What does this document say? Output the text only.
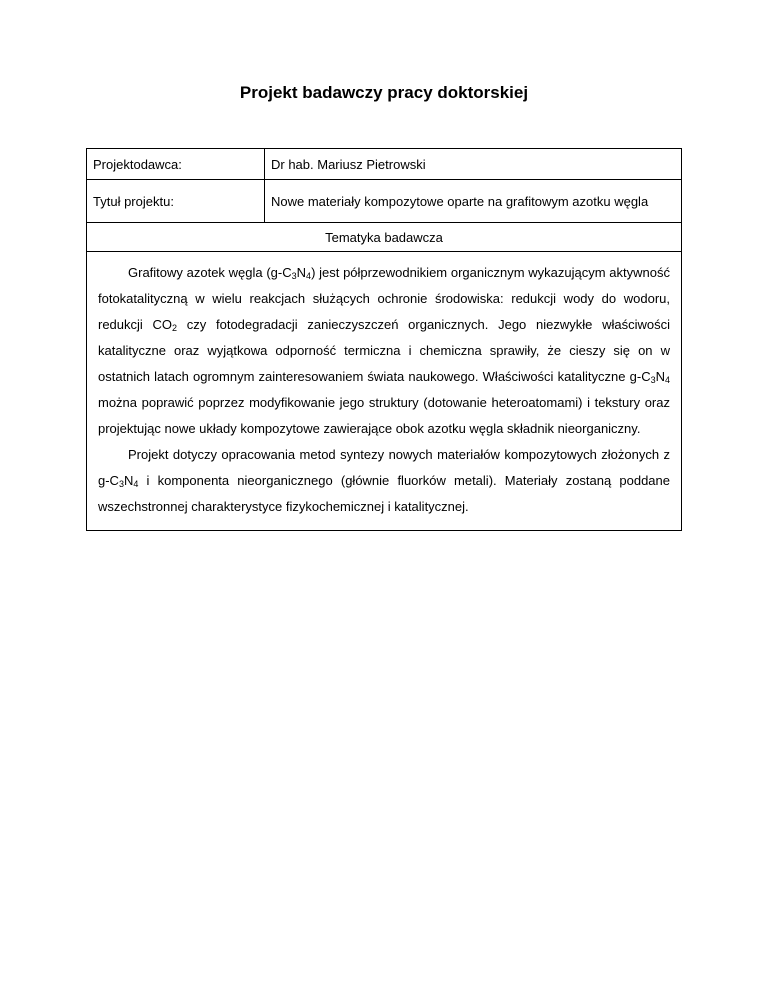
Projekt badawczy pracy doktorskiej
Projektodawca:	Dr hab. Mariusz Pietrowski
Tytuł projektu:	Nowe materiały kompozytowe oparte na grafitowym azotku węgla
Tematyka badawcza	

Grafitowy azotek węgla $(g-C_3N_4)$ jest półprzewodnikiem organicznym wykazującym aktywność fotokatalityczną w wielu reakcjach służących ochronie środowiska: redukcji wody do wodoru, redukcji $CO_2$ czy fotodegradacji zanieczyszczeń organicznych. Jego niezwykłe właściwości katalityczne oraz wyjątkowa odporność termiczna i chemiczna sprawiły, że cieszy się on w ostatnich latach ogromnym zainteresowaniem świata naukowego. Właściwości katalityczne $g-C_3N_4$ można poprawić poprzez modyfikowanie jego struktury (dotowanie heteroatomami) i tekstury oraz projektując nowe układy kompozytowe zawierające obok azotku węgla składnik nieorganiczny.

Projekt dotyczy opracowania metod syntezy nowych materiałów kompozytowych złożonych z $g-C_3N_4$ i komponenta nieorganicznego (głównie fluorków metali). Materiały zostaną poddane wszechstronnej charakterystyce fizykochemicznej i katalitycznej.	
